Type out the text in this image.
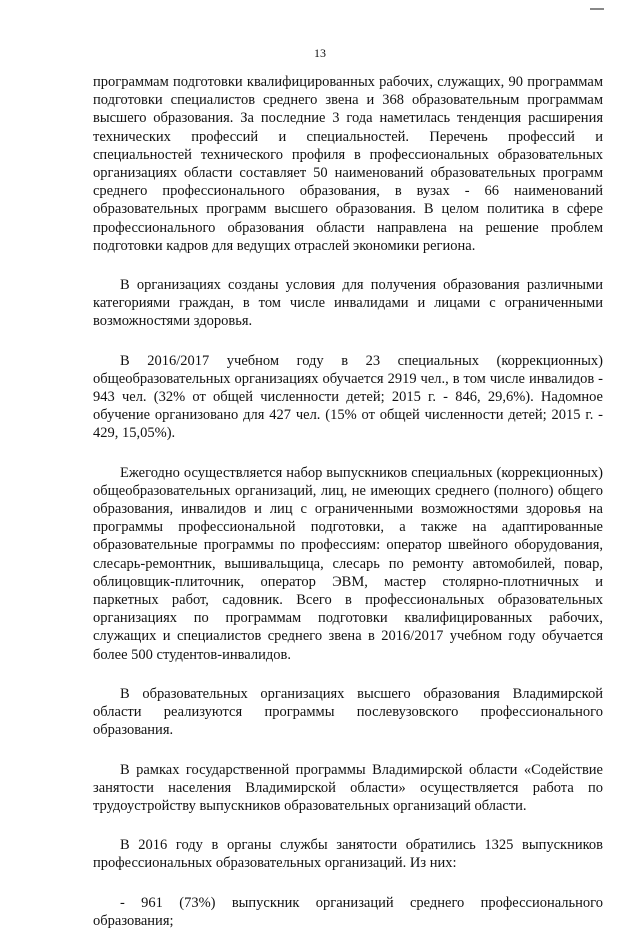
13

программам подготовки квалифицированных рабочих, служащих, 90 программам подготовки специалистов среднего звена и 368 образовательным программам высшего образования. За последние 3 года наметилась тенденция расширения технических профессий и специальностей. Перечень профессий и специальностей технического профиля в профессиональных образовательных организациях области составляет 50 наименований образовательных программ среднего профессионального образования, в вузах - 66 наименований образовательных программ высшего образования. В целом политика в сфере профессионального образования области направлена на решение проблем подготовки кадров для ведущих отраслей экономики региона.

В организациях созданы условия для получения образования различными категориями граждан, в том числе инвалидами и лицами с ограниченными возможностями здоровья.

В 2016/2017 учебном году в 23 специальных (коррекционных) общеобразовательных организациях обучается 2919 чел., в том числе инвалидов - 943 чел. (32% от общей численности детей; 2015 г. - 846, 29,6%). Надомное обучение организовано для 427 чел. (15% от общей численности детей; 2015 г. - 429, 15,05%).

Ежегодно осуществляется набор выпускников специальных (коррекционных) общеобразовательных организаций, лиц, не имеющих среднего (полного) общего образования, инвалидов и лиц с ограниченными возможностями здоровья на программы профессиональной подготовки, а также на адаптированные образовательные программы по профессиям: оператор швейного оборудования, слесарь-ремонтник, вышивальщица, слесарь по ремонту автомобилей, повар, облицовщик-плиточник, оператор ЭВМ, мастер столярно-плотничных и паркетных работ, садовник. Всего в профессиональных образовательных организациях по программам подготовки квалифицированных рабочих, служащих и специалистов среднего звена в 2016/2017 учебном году обучается более 500 студентов-инвалидов.

В образовательных организациях высшего образования Владимирской области реализуются программы послевузовского профессионального образования.

В рамках государственной программы Владимирской области «Содействие занятости населения Владимирской области» осуществляется работа по трудоустройству выпускников образовательных организаций области.

В 2016 году в органы службы занятости обратились 1325 выпускников профессиональных образовательных организаций. Из них:

- 961 (73%) выпускник организаций среднего профессионального образования;
